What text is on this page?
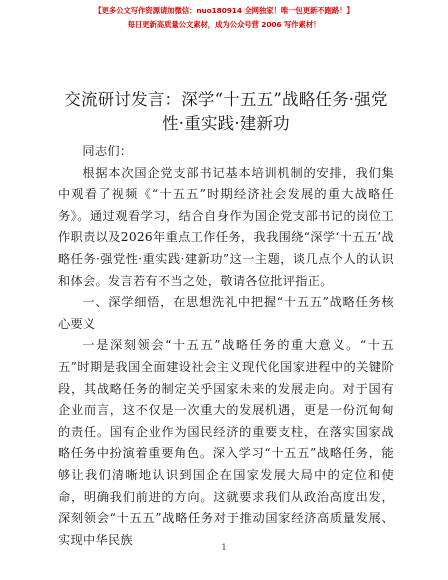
【更多公文写作资源请加微信：nuo180914 全网独家！唯一包更新不跑路！】
每日更新高质量公文素材，成为公众号营 2006 写作素材！
交流研讨发言：深学“十五五”战略任务·强党性·重实践·建新功

同志们：

根据本次国企党支部书记基本培训机制的安排，我们集中观看了视频《“十五五”时期经济社会发展的重大战略任务》。通过观看学习，结合自身作为国企党支部书记的岗位工作职责以及2026年重点工作任务，我我围绕“深学‘十五五’战略任务·强党性·重实践·建新功”这一主题，谈几点个人的认识和体会。发言若有不当之处，敬请各位批评指正。

一、深学细悟，在思想洗礼中把握“十五五”战略任务核心要义

一是深刻领会“十五五”战略任务的重大意义。“十五五”时期是我国全面建设社会主义现代化国家进程中的关键阶段，其战略任务的制定关乎国家未来的发展走向。对于国有企业而言，这不仅是一次重大的发展机遇，更是一份沉甸甸的责任。国有企业作为国民经济的重要支柱，在落实国家战略任务中扮演着重要角色。深入学习“十五五”战略任务，能够让我们清晰地认识到国企在国家发展大局中的定位和使命，明确我们前进的方向。这就要求我们从政治高度出发，深刻领会“十五五”战略任务对于推动国家经济高质量发展、实现中华民族

1
